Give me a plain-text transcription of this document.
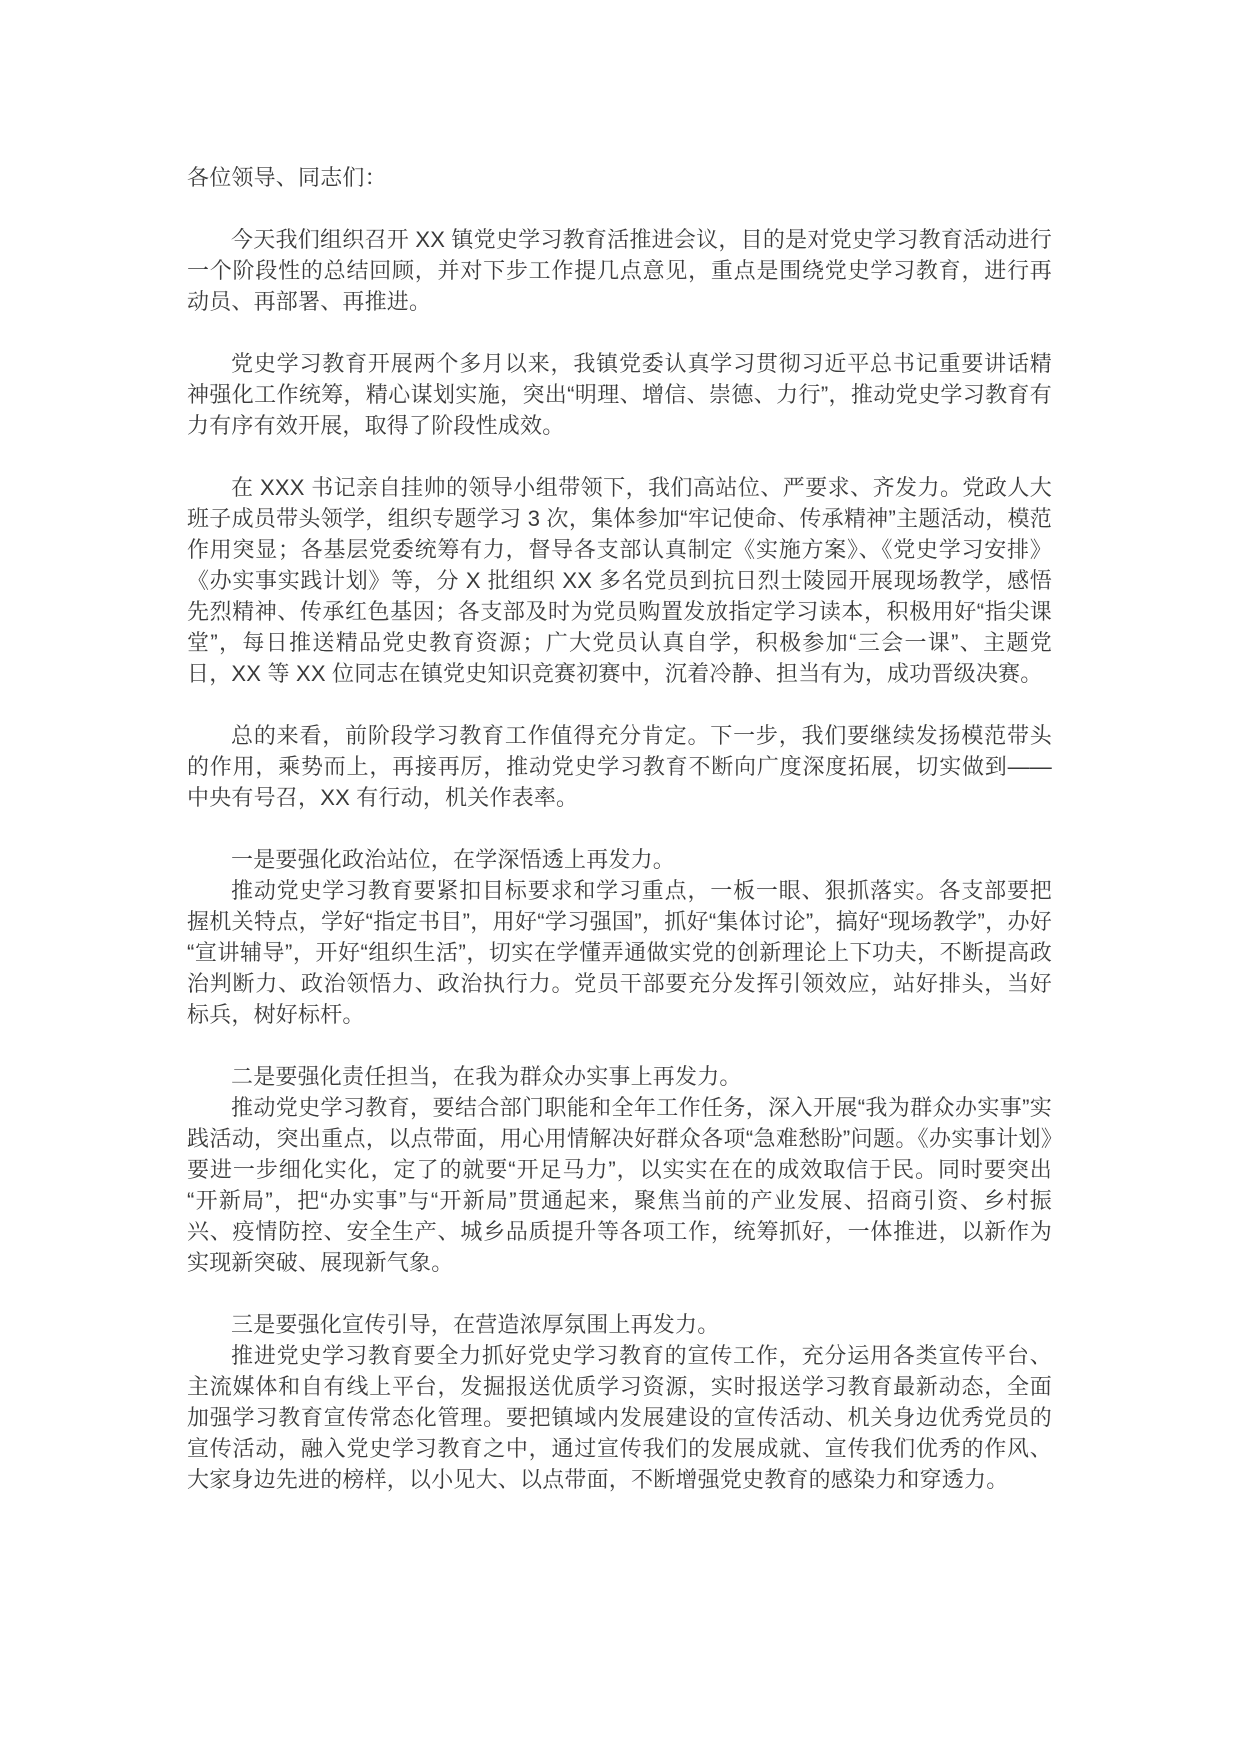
各位领导、同志们：

今天我们组织召开 XX 镇党史学习教育活推进会议，目的是对党史学习教育活动进行一个阶段性的总结回顾，并对下步工作提几点意见，重点是围绕党史学习教育，进行再动员、再部署、再推进。

党史学习教育开展两个多月以来，我镇党委认真学习贯彻习近平总书记重要讲话精神强化工作统筹，精心谋划实施，突出“明理、增信、崇德、力行”，推动党史学习教育有力有序有效开展，取得了阶段性成效。

在 XXX 书记亲自挂帅的领导小组带领下，我们高站位、严要求、齐发力。党政人大班子成员带头领学，组织专题学习 3 次，集体参加“牢记使命、传承精神”主题活动，模范作用突显；各基层党委统筹有力，督导各支部认真制定《实施方案》、《党史学习安排》《办实事实践计划》等，分 X 批组织 XX 多名党员到抗日烈士陵园开展现场教学，感悟先烈精神、传承红色基因；各支部及时为党员购置发放指定学习读本，积极用好“指尖课堂”，每日推送精品党史教育资源；广大党员认真自学，积极参加“三会一课”、主题党日，XX 等 XX 位同志在镇党史知识竞赛初赛中，沉着冷静、担当有为，成功晋级决赛。

总的来看，前阶段学习教育工作值得充分肯定。下一步，我们要继续发扬模范带头的作用，乘势而上，再接再厉，推动党史学习教育不断向广度深度拓展，切实做到——中央有号召，XX 有行动，机关作表率。

一是要强化政治站位，在学深悟透上再发力。

推动党史学习教育要紧扣目标要求和学习重点，一板一眼、狠抓落实。各支部要把握机关特点，学好“指定书目”，用好“学习强国”，抓好“集体讨论”，搞好“现场教学”，办好“宣讲辅导”，开好“组织生活”，切实在学懂弄通做实党的创新理论上下功夫，不断提高政治判断力、政治领悟力、政治执行力。党员干部要充分发挥引领效应，站好排头，当好标兵，树好标杆。

二是要强化责任担当，在我为群众办实事上再发力。

推动党史学习教育，要结合部门职能和全年工作任务，深入开展“我为群众办实事”实践活动，突出重点，以点带面，用心用情解决好群众各项“急难愁盼”问题。《办实事计划》要进一步细化实化，定了的就要“开足马力”，以实实在在的成效取信于民。同时要突出“开新局”，把“办实事”与“开新局”贯通起来，聚焦当前的产业发展、招商引资、乡村振兴、疫情防控、安全生产、城乡品质提升等各项工作，统筹抓好，一体推进，以新作为实现新突破、展现新气象。

三是要强化宣传引导，在营造浓厚氛围上再发力。

推进党史学习教育要全力抓好党史学习教育的宣传工作，充分运用各类宣传平台、主流媒体和自有线上平台，发掘报送优质学习资源，实时报送学习教育最新动态，全面加强学习教育宣传常态化管理。要把镇域内发展建设的宣传活动、机关身边优秀党员的宣传活动，融入党史学习教育之中，通过宣传我们的发展成就、宣传我们优秀的作风、大家身边先进的榜样，以小见大、以点带面，不断增强党史教育的感染力和穿透力。
